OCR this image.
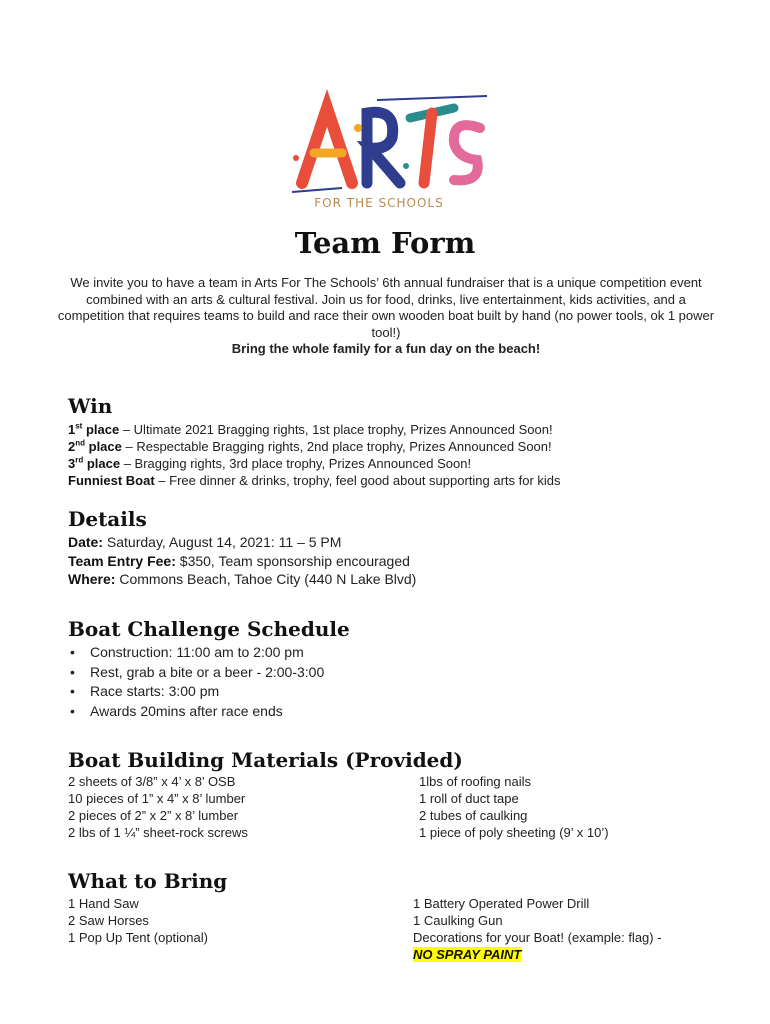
FOR THE SCHOOLS
Team Form
We invite you to have a team in Arts For The Schools’ 6th annual fundraiser that is a unique competition event combined with an arts & cultural festival. Join us for food, drinks, live entertainment, kids activities, and a competition that requires teams to build and race their own wooden boat built by hand (no power tools, ok 1 power tool!)
Bring the whole family for a fun day on the beach!
Win
1st place – Ultimate 2021 Bragging rights, 1st place trophy, Prizes Announced Soon!
2nd place – Respectable Bragging rights, 2nd place trophy, Prizes Announced Soon!
3rd place – Bragging rights, 3rd place trophy, Prizes Announced Soon!
Funniest Boat – Free dinner & drinks, trophy, feel good about supporting arts for kids
Details
Date: Saturday, August 14, 2021: 11 – 5 PM
Team Entry Fee: $350, Team sponsorship encouraged
Where: Commons Beach, Tahoe City (440 N Lake Blvd)
Boat Challenge Schedule
• Construction: 11:00 am to 2:00 pm
• Rest, grab a bite or a beer - 2:00-3:00
• Race starts: 3:00 pm
• Awards 20mins after race ends
Boat Building Materials (Provided)
2 sheets of 3/8” x 4’ x 8’ OSB
10 pieces of 1” x 4” x 8’ lumber
2 pieces of 2” x 2” x 8’ lumber
2 lbs of 1 ¼” sheet-rock screws
1lbs of roofing nails
1 roll of duct tape
2 tubes of caulking
1 piece of poly sheeting (9’ x 10’)
What to Bring
1 Hand Saw
2 Saw Horses
1 Pop Up Tent (optional)
1 Battery Operated Power Drill
1 Caulking Gun
Decorations for your Boat! (example: flag) -
NO SPRAY PAINT
